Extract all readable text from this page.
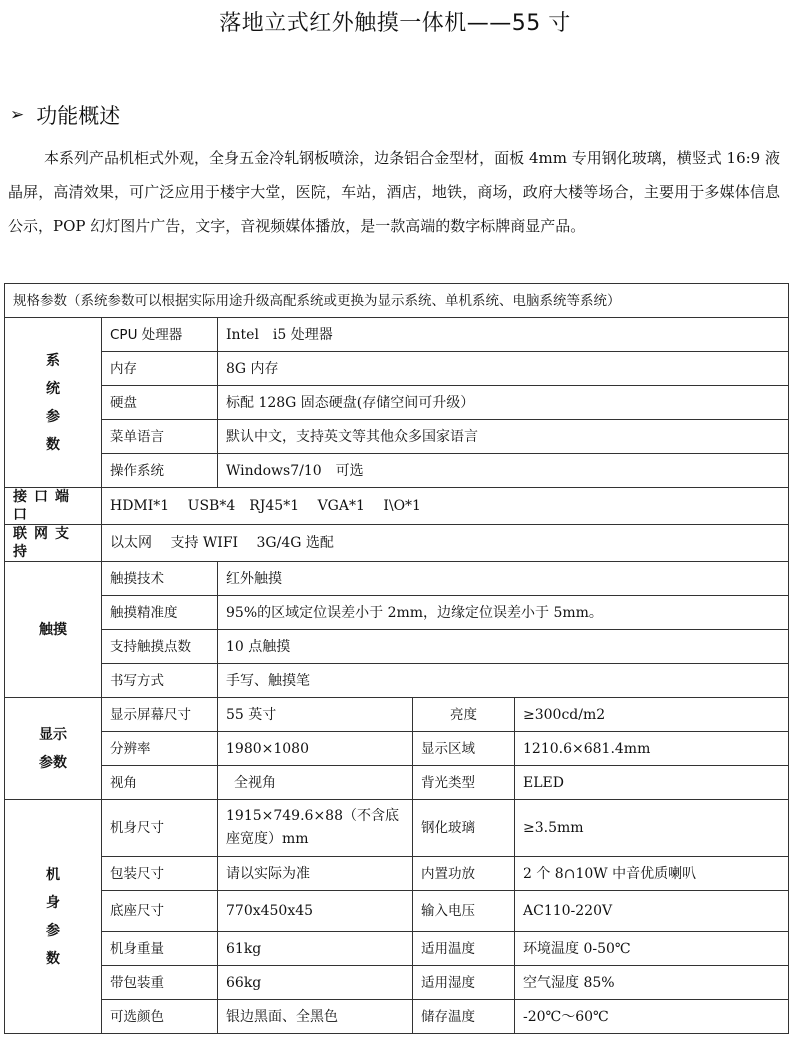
落地立式红外触摸一体机——55 寸
➢ 功能概述
本系列产品机柜式外观，全身五金冷轧钢板喷涂，边条铝合金型材，面板 4mm 专用钢化玻璃，横竖式 16:9 液晶屏，高清效果，可广泛应用于楼宇大堂，医院，车站，酒店，地铁，商场，政府大楼等场合，主要用于多媒体信息公示，POP 幻灯图片广告，文字，音视频媒体播放，是一款高端的数字标牌商显产品。
规格参数（系统参数可以根据实际用途升级高配系统或更换为显示系统、单机系统、电脑系统等系统）				

系
统
参
数	CPU 处理器	Intel　i5 处理器		
	内存	8G 内存		
	硬盘	标配 128G 固态硬盘(存储空间可升级）		
	菜单语言	默认中文，支持英文等其他众多国家语言		
	操作系统	Windows7/10　可选		
接口端口	HDMI*1　 USB*4　RJ45*1　 VGA*1　 I\O*1			
联网支持	以太网　 支持 WIFI　 3G/4G 选配			
触摸	触摸技术	红外触摸		
	触摸精准度	95%的区域定位误差小于 2mm，边缘定位误差小于 5mm。		
	支持触摸点数	10 点触摸		
	书写方式	手写、触摸笔		

显示
参数	显示屏幕尺寸	55 英寸	亮度	≥300cd/m2
	分辨率	1980×1080	显示区域	1210.6×681.4mm
	视角	全视角	背光类型	ELED

机
身
参
数	机身尺寸	1915×749.6×88（不含底座宽度）mm	钢化玻璃	≥3.5mm
	包装尺寸	请以实际为准	内置功放	2 个 8∩10W 中音优质喇叭
	底座尺寸	770x450x45	输入电压	AC110-220V
	机身重量	61kg	适用温度	环境温度 0-50℃
	带包装重	66kg	适用湿度	空气湿度 85%
	可选颜色	银边黑面、全黑色	储存温度	-20℃～60℃
